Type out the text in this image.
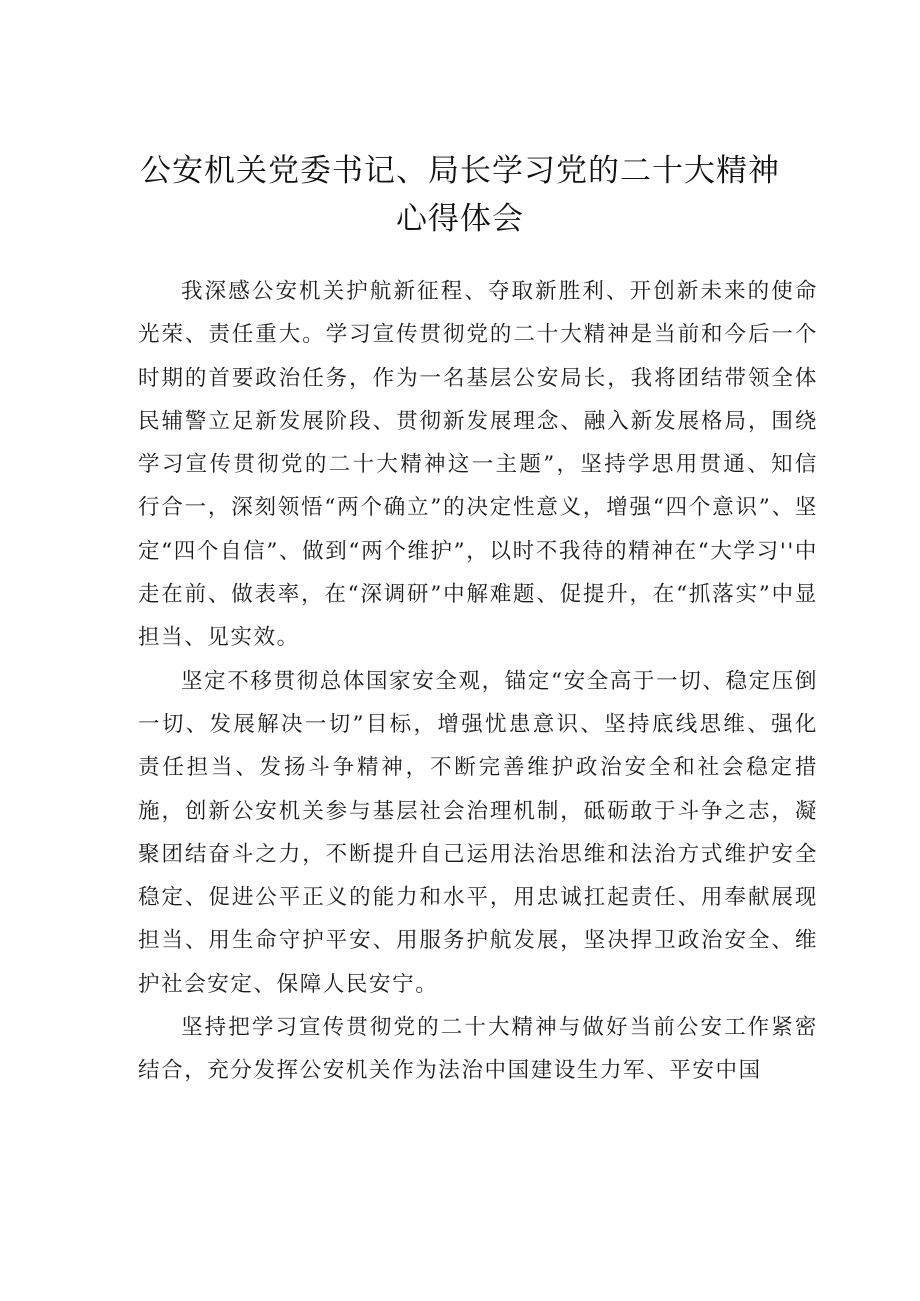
公安机关党委书记、局长学习党的二十大精神
心得体会

我深感公安机关护航新征程、夺取新胜利、开创新未来的使命光荣、责任重大。学习宣传贯彻党的二十大精神是当前和今后一个时期的首要政治任务，作为一名基层公安局长，我将团结带领全体民辅警立足新发展阶段、贯彻新发展理念、融入新发展格局，围绕学习宣传贯彻党的二十大精神这一主题”，坚持学思用贯通、知信行合一，深刻领悟“两个确立”的决定性意义，增强“四个意识”、坚定“四个自信”、做到“两个维护”，以时不我待的精神在“大学习''中走在前、做表率，在“深调研”中解难题、促提升，在“抓落实”中显担当、见实效。

坚定不移贯彻总体国家安全观，锚定“安全高于一切、稳定压倒一切、发展解决一切”目标，增强忧患意识、坚持底线思维、强化责任担当、发扬斗争精神，不断完善维护政治安全和社会稳定措施，创新公安机关参与基层社会治理机制，砥砺敢于斗争之志，凝聚团结奋斗之力，不断提升自己运用法治思维和法治方式维护安全稳定、促进公平正义的能力和水平，用忠诚扛起责任、用奉献展现担当、用生命守护平安、用服务护航发展，坚决捍卫政治安全、维护社会安定、保障人民安宁。

坚持把学习宣传贯彻党的二十大精神与做好当前公安工作紧密结合，充分发挥公安机关作为法治中国建设生力军、平安中国
